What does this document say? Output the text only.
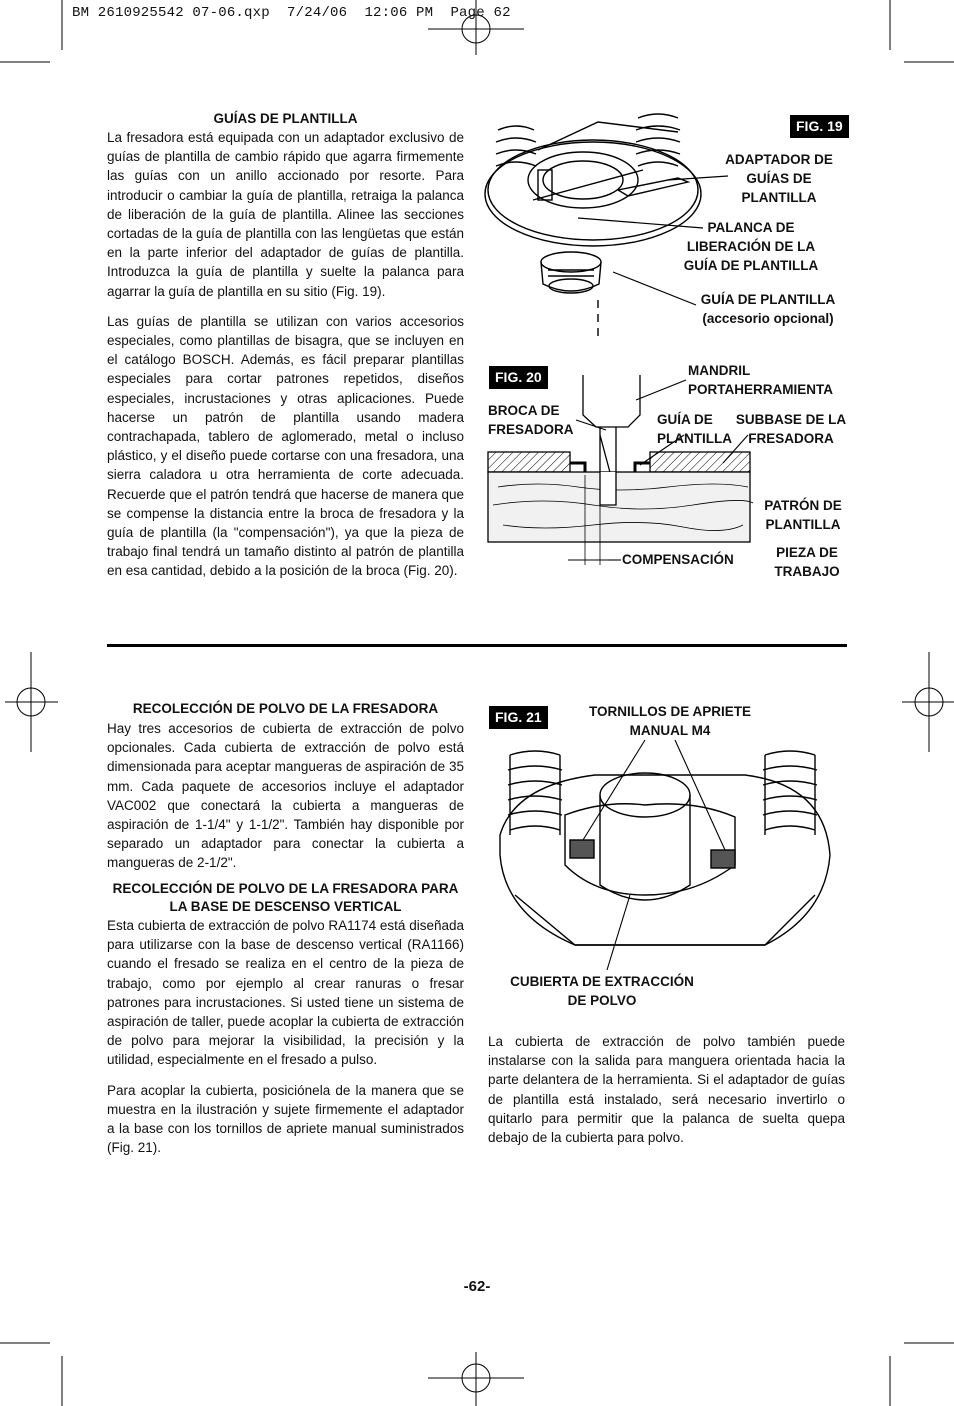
BM 2610925542 07-06.qxp  7/24/06  12:06 PM  Page 62
GUÍAS DE PLANTILLA

La fresadora está equipada con un adaptador exclusivo de guías de plantilla de cambio rápido que agarra firmemente las guías con un anillo accionado por resorte. Para introducir o cambiar la guía de plantilla, retraiga la palanca de liberación de la guía de plantilla. Alinee las secciones cortadas de la guía de plantilla con las lengüetas que están en la parte inferior del adaptador de guías de plantilla. Introduzca la guía de plantilla y suelte la palanca para agarrar la guía de plantilla en su sitio (Fig. 19).

Las guías de plantilla se utilizan con varios accesorios especiales, como plantillas de bisagra, que se incluyen en el catálogo BOSCH. Además, es fácil preparar plantillas especiales para cortar patrones repetidos, diseños especiales, incrustaciones y otras aplicaciones. Puede hacerse un patrón de plantilla usando madera contrachapada, tablero de aglomerado, metal o incluso plástico, y el diseño puede cortarse con una fresadora, una sierra caladora u otra herramienta de corte adecuada. Recuerde que el patrón tendrá que hacerse de manera que se compense la distancia entre la broca de fresadora y la guía de plantilla (la "compensación"), ya que la pieza de trabajo final tendrá un tamaño distinto al patrón de plantilla en esa cantidad, debido a la posición de la broca (Fig. 20).

FIG. 19
ADAPTADOR DE
GUÍAS DE
PLANTILLA
PALANCA DE
LIBERACIÓN DE LA
GUÍA DE PLANTILLA
GUÍA DE PLANTILLA
(accesorio opcional)
FIG. 20	MANDRIL
PORTAHERRAMIENTA
BROCA DE
FRESADORA
GUÍA DE
PLANTILLA
SUBBASE DE LA
FRESADORA
PATRÓN DE
PLANTILLA
COMPENSACIÓN	PIEZA DE
TRABAJO
RECOLECCIÓN DE POLVO DE LA FRESADORA
Hay tres accesorios de cubierta de extracción de polvo opcionales. Cada cubierta de extracción de polvo está dimensionada para aceptar mangueras de aspiración de 35 mm. Cada paquete de accesorios incluye el adaptador VAC002 que conectará la cubierta a mangueras de aspiración de 1-1/4" y 1-1/2". También hay disponible por separado un adaptador para conectar la cubierta a mangueras de 2-1/2".
RECOLECCIÓN DE POLVO DE LA FRESADORA PARA
LA BASE DE DESCENSO VERTICAL

Esta cubierta de extracción de polvo RA1174 está diseñada para utilizarse con la base de descenso vertical (RA1166) cuando el fresado se realiza en el centro de la pieza de trabajo, como por ejemplo al crear ranuras o fresar patrones para incrustaciones. Si usted tiene un sistema de aspiración de taller, puede acoplar la cubierta de extracción de polvo para mejorar la visibilidad, la precisión y la utilidad, especialmente en el fresado a pulso.

Para acoplar la cubierta, posiciónela de la manera que se muestra en la ilustración y sujete firmemente el adaptador a la base con los tornillos de apriete manual suministrados (Fig. 21).

FIG. 21	TORNILLOS DE APRIETE
MANUAL M4
CUBIERTA DE EXTRACCIÓN
DE POLVO
La cubierta de extracción de polvo también puede instalarse con la salida para manguera orientada hacia la parte delantera de la herramienta. Si el adaptador de guías de plantilla está instalado, será necesario invertirlo o quitarlo para permitir que la palanca de suelta quepa debajo de la cubierta para polvo.
-62-
